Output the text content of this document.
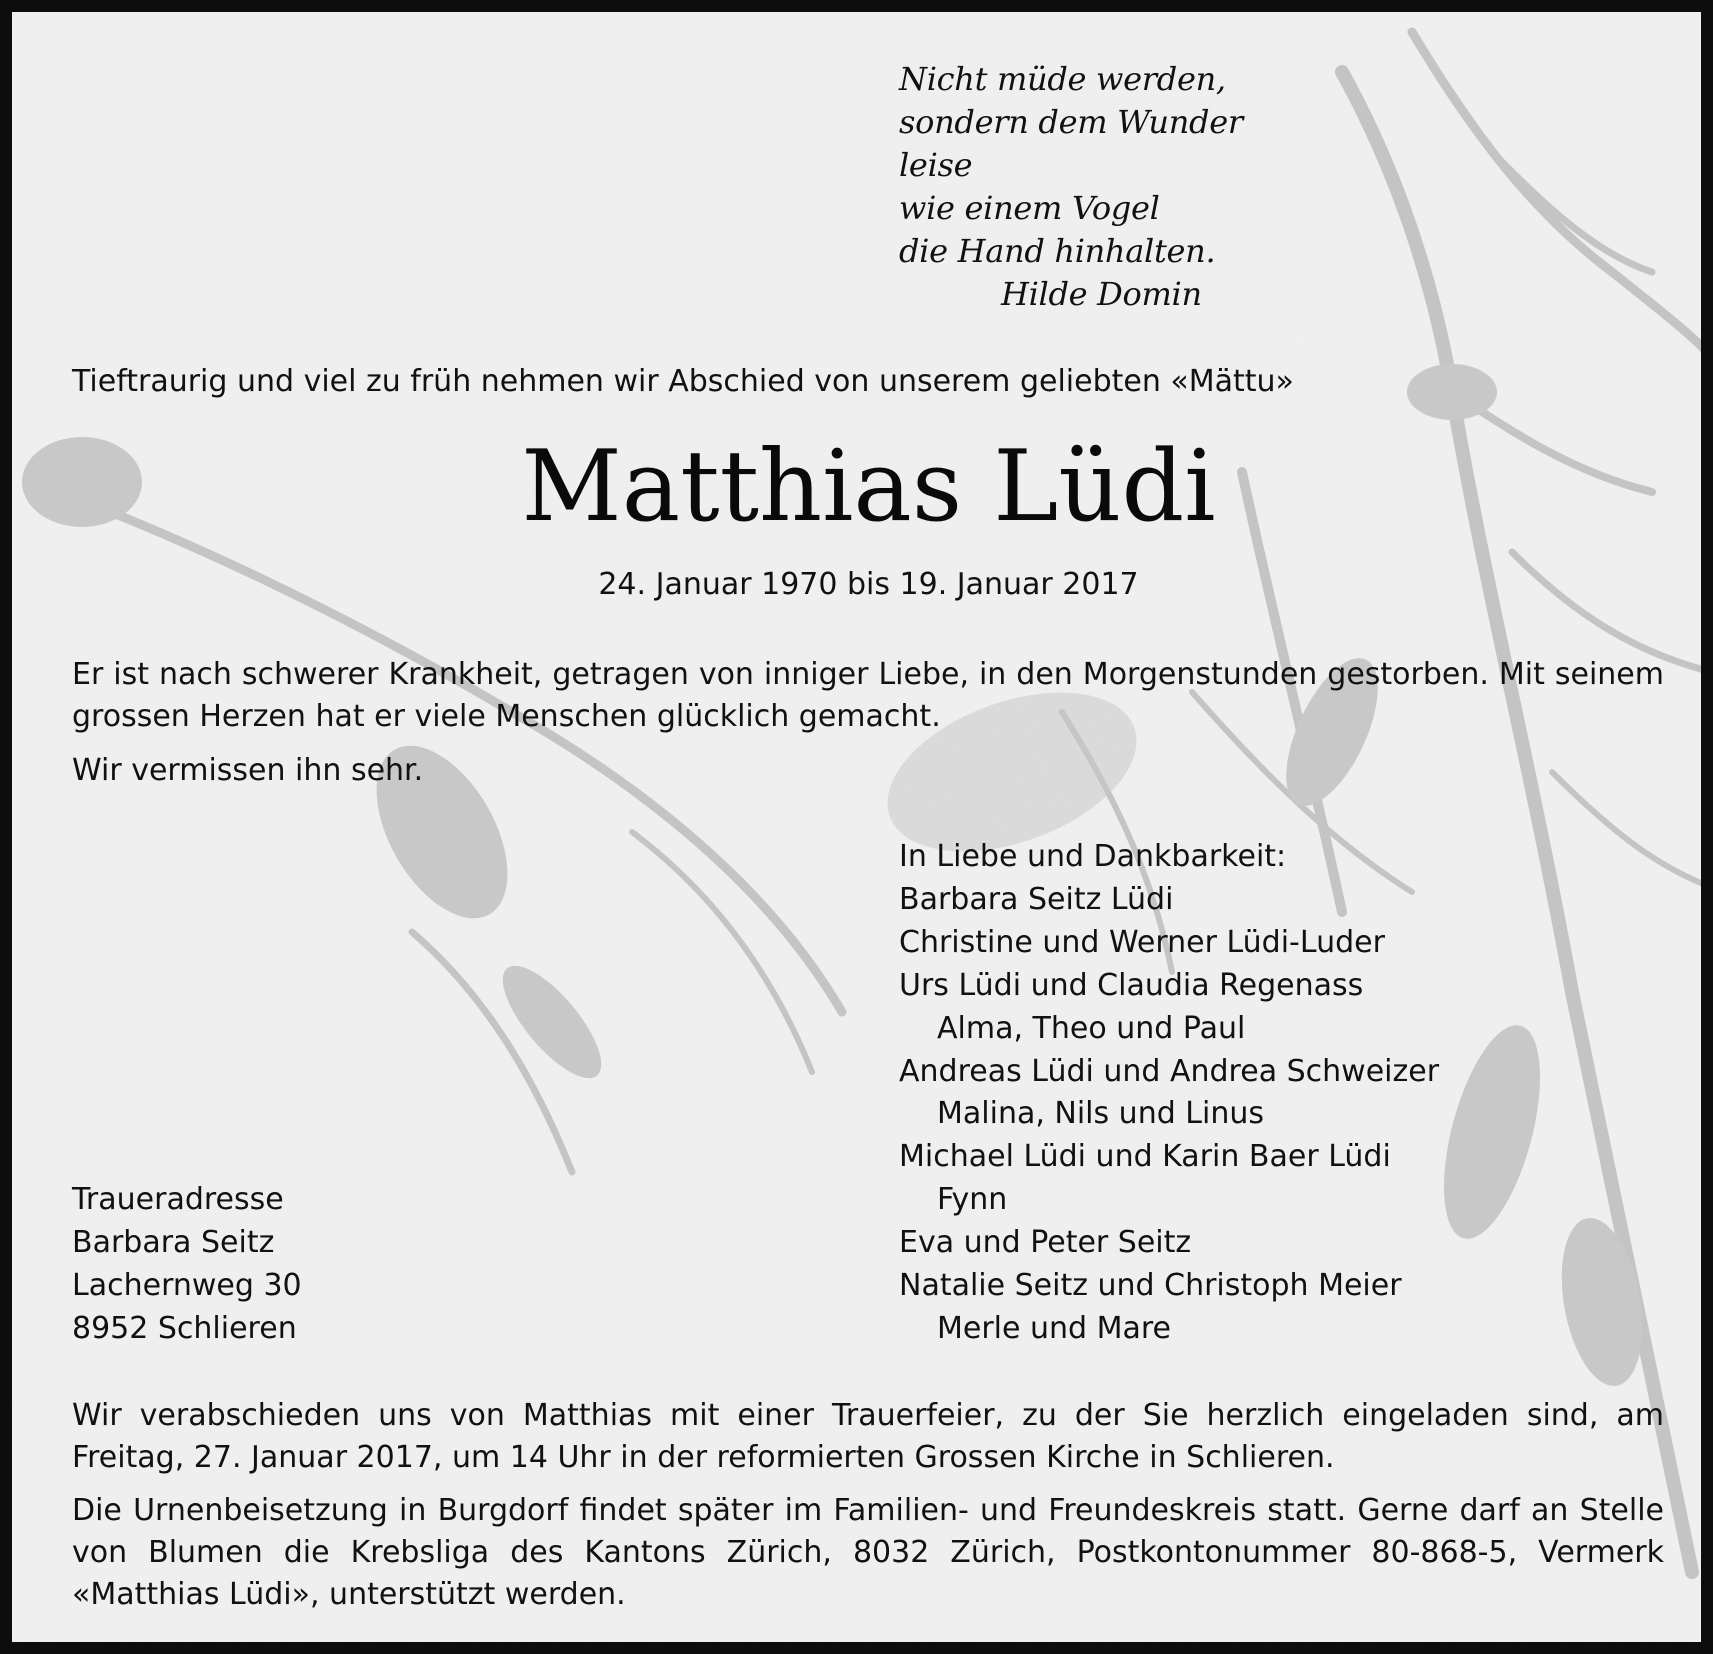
Nicht müde werden,
sondern dem Wunder
leise
wie einem Vogel
die Hand hinhalten.
Hilde Domin
Tieftraurig und viel zu früh nehmen wir Abschied von unserem geliebten «Mättu»
Matthias Lüdi
24. Januar 1970 bis 19. Januar 2017
Er ist nach schwerer Krankheit, getragen von inniger Liebe, in den Morgenstunden gestorben. Mit seinem grossen Herzen hat er viele Menschen glücklich gemacht.
Wir vermissen ihn sehr.
In Liebe und Dankbarkeit:
Barbara Seitz Lüdi
Christine und Werner Lüdi-Luder
Urs Lüdi und Claudia Regenass
Alma, Theo und Paul
Andreas Lüdi und Andrea Schweizer
Malina, Nils und Linus
Michael Lüdi und Karin Baer Lüdi
Fynn
Eva und Peter Seitz
Natalie Seitz und Christoph Meier
Merle und Mare
Traueradresse
Barbara Seitz
Lachernweg 30
8952 Schlieren
Wir verabschieden uns von Matthias mit einer Trauerfeier, zu der Sie herzlich eingeladen sind, am Freitag, 27. Januar 2017, um 14 Uhr in der reformierten Grossen Kirche in Schlieren.
Die Urnenbeisetzung in Burgdorf findet später im Familien- und Freundeskreis statt. Gerne darf an Stelle von Blumen die Krebsliga des Kantons Zürich, 8032 Zürich, Postkontonummer 80-868-5, Vermerk «Matthias Lüdi», unterstützt werden.
